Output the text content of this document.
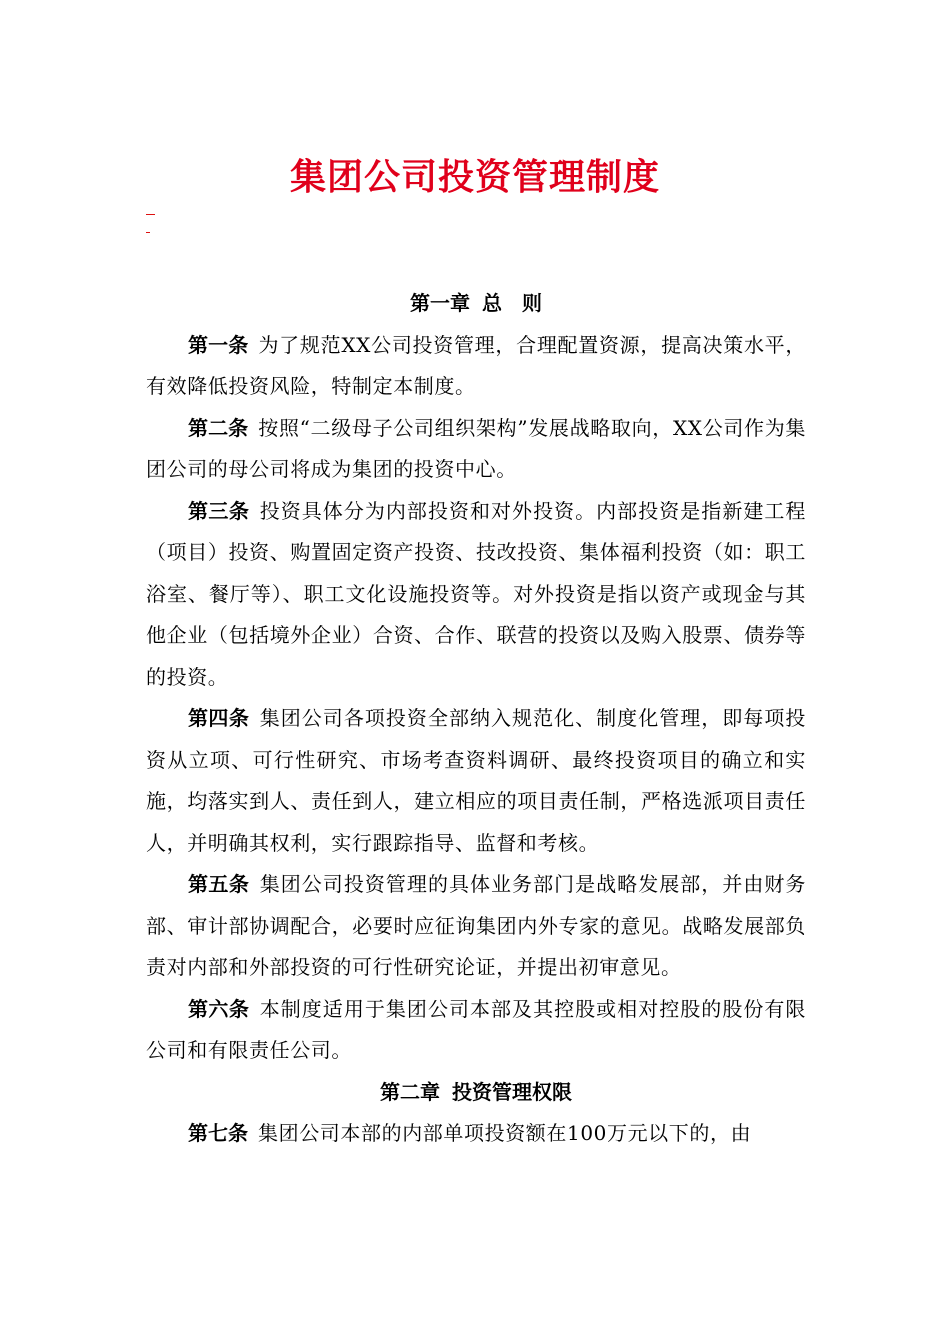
集团公司投资管理制度
第一章 总　则

第一条 为了规范XX公司投资管理，合理配置资源，提高决策水平，有效降低投资风险，特制定本制度。

第二条 按照“二级母子公司组织架构”发展战略取向，XX公司作为集团公司的母公司将成为集团的投资中心。

第三条 投资具体分为内部投资和对外投资。内部投资是指新建工程（项目）投资、购置固定资产投资、技改投资、集体福利投资（如：职工浴室、餐厅等）、职工文化设施投资等。对外投资是指以资产或现金与其他企业（包括境外企业）合资、合作、联营的投资以及购入股票、债券等的投资。

第四条 集团公司各项投资全部纳入规范化、制度化管理，即每项投资从立项、可行性研究、市场考查资料调研、最终投资项目的确立和实施，均落实到人、责任到人，建立相应的项目责任制，严格选派项目责任人，并明确其权利，实行跟踪指导、监督和考核。

第五条 集团公司投资管理的具体业务部门是战略发展部，并由财务部、审计部协调配合，必要时应征询集团内外专家的意见。战略发展部负责对内部和外部投资的可行性研究论证，并提出初审意见。

第六条 本制度适用于集团公司本部及其控股或相对控股的股份有限公司和有限责任公司。

第二章 投资管理权限

第七条 集团公司本部的内部单项投资额在100万元以下的，由
